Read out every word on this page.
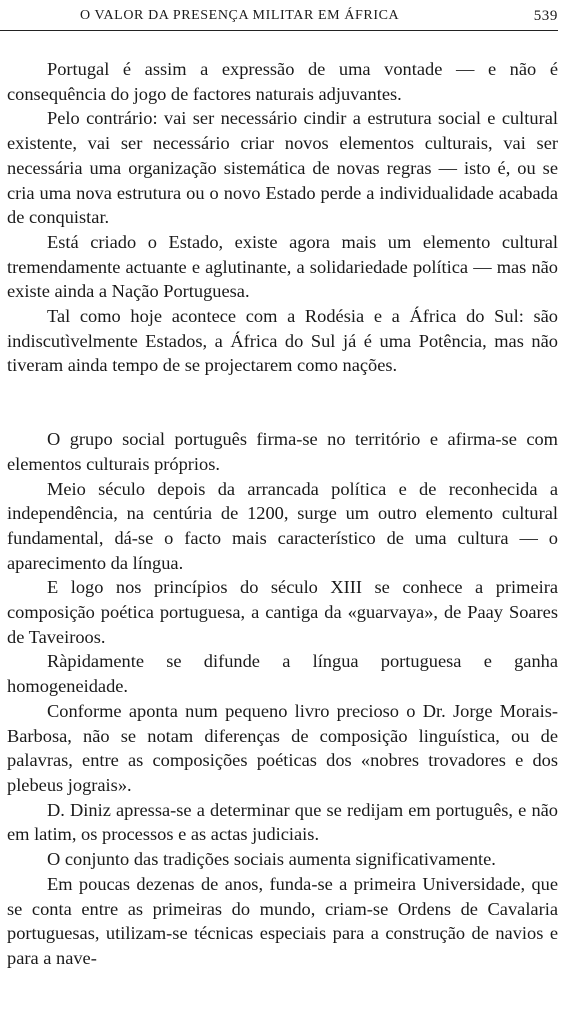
O VALOR DA PRESENÇA MILITAR EM ÁFRICA	539

Portugal é assim a expressão de uma vontade — e não é consequência do jogo de factores naturais adjuvantes.

Pelo contrário: vai ser necessário cindir a estrutura social e cultural existente, vai ser necessário criar novos elementos culturais, vai ser necessária uma organização sistemática de novas regras — isto é, ou se cria uma nova estrutura ou o novo Estado perde a individualidade acabada de conquistar.

Está criado o Estado, existe agora mais um elemento cultural tremendamente actuante e aglutinante, a solidariedade política — mas não existe ainda a Nação Portuguesa.

Tal como hoje acontece com a Rodésia e a África do Sul: são indiscutìvelmente Estados, a África do Sul já é uma Potência, mas não tiveram ainda tempo de se projectarem como nações.

O grupo social português firma-se no território e afirma-se com elementos culturais próprios.

Meio século depois da arrancada política e de reconhecida a independência, na centúria de 1200, surge um outro elemento cultural fundamental, dá-se o facto mais característico de uma cultura — o aparecimento da língua.

E logo nos princípios do século XIII se conhece a primeira composição poética portuguesa, a cantiga da «guarvaya», de Paay Soares de Taveiroos.

Ràpidamente se difunde a língua portuguesa e ganha homogeneidade.

Conforme aponta num pequeno livro precioso o Dr. Jorge Morais-Barbosa, não se notam diferenças de composição linguística, ou de palavras, entre as composições poéticas dos «nobres trovadores e dos plebeus jograis».

D. Diniz apressa-se a determinar que se redijam em português, e não em latim, os processos e as actas judiciais.

O conjunto das tradições sociais aumenta significativamente.

Em poucas dezenas de anos, funda-se a primeira Universidade, que se conta entre as primeiras do mundo, criam-se Ordens de Cavalaria portuguesas, utilizam-se técnicas especiais para a construção de navios e para a nave-
